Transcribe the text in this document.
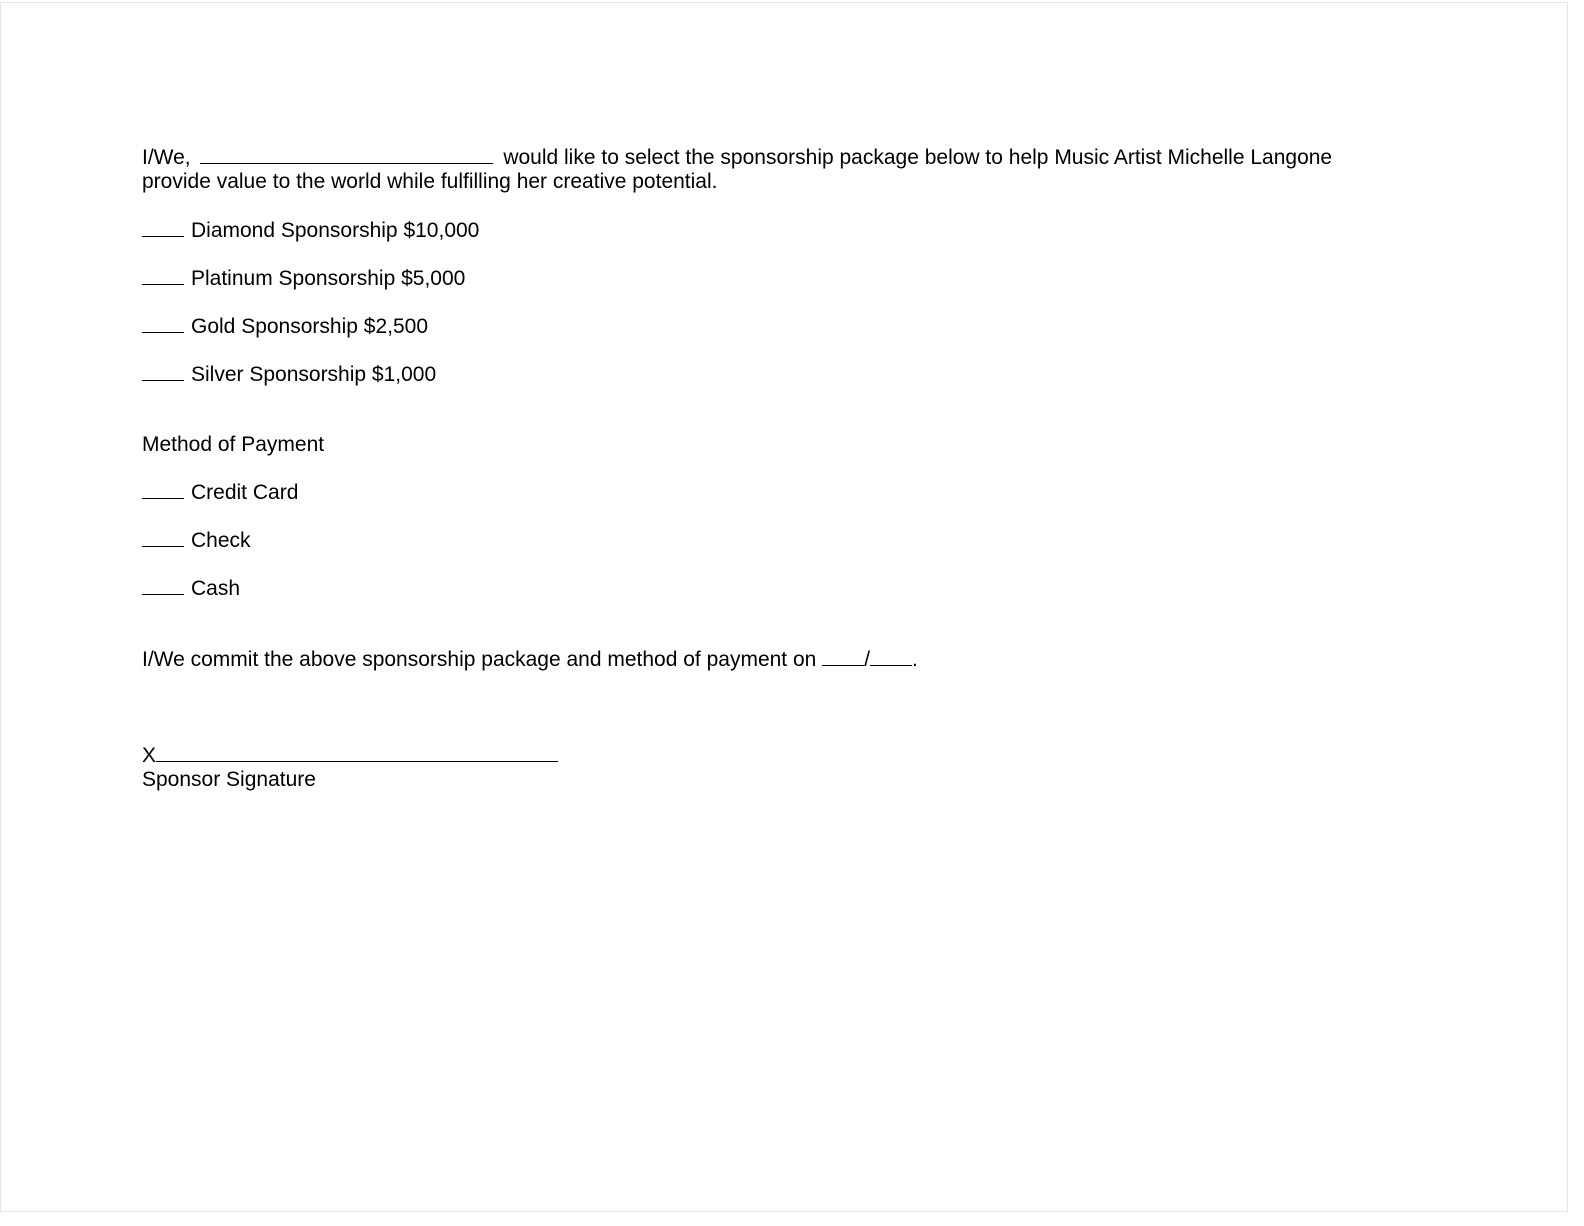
I/We,	would like to select the sponsorship package below to help Music Artist Michelle Langone
provide value to the world while fulfilling her creative potential.
Diamond Sponsorship $10,000
Platinum Sponsorship $5,000
Gold Sponsorship $2,500
Silver Sponsorship $1,000
Method of Payment
Credit Card
Check
Cash
I/We commit the above sponsorship package and method of payment on / .
X
Sponsor Signature
